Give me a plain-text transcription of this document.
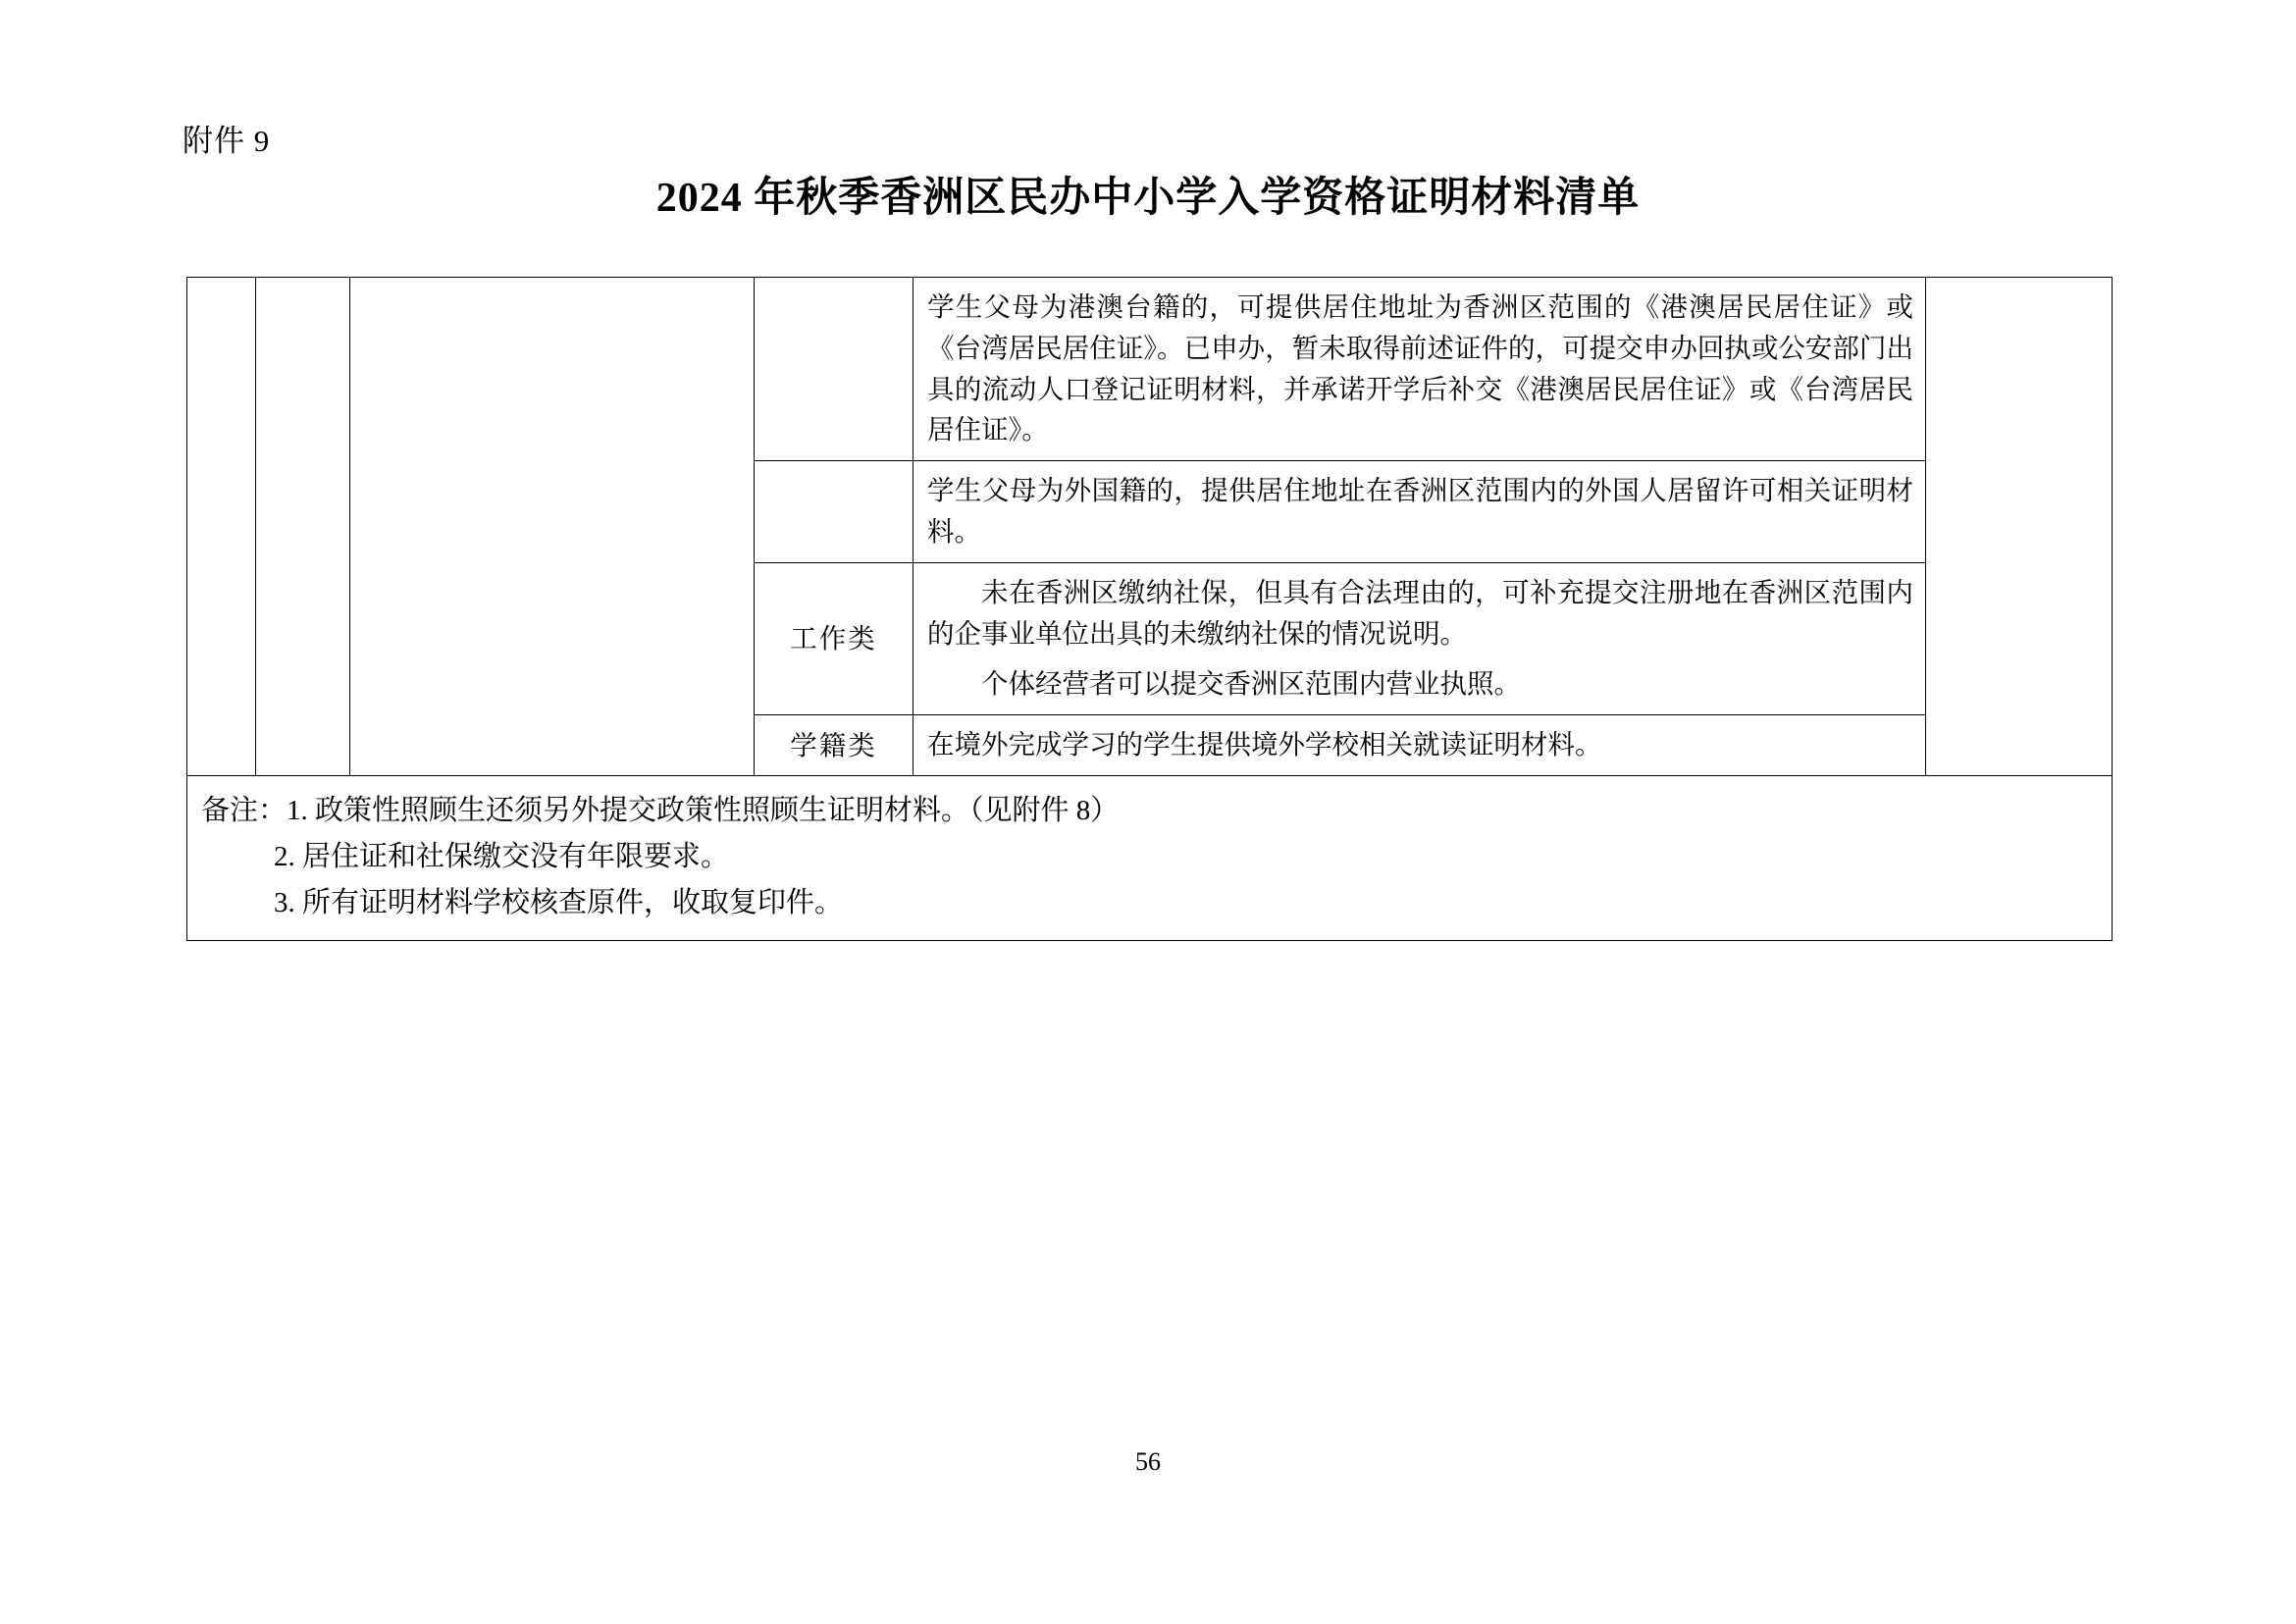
附件 9
2024 年秋季香洲区民办中小学入学资格证明材料清单

				学生父母为港澳台籍的，可提供居住地址为香洲区范围的《港澳居民居住证》或《台湾居民居住证》。已申办，暂未取得前述证件的，可提交申办回执或公安部门出具的流动人口登记证明材料，并承诺开学后补交《港澳居民居住证》或《台湾居民居住证》。	

				学生父母为外国籍的，提供居住地址在香洲区范围内的外国人居留许可相关证明材料。	

			工作类	未在香洲区缴纳社保，但具有合法理由的，可补充提交注册地在香洲区范围内的企事业单位出具的未缴纳社保的情况说明。
个体经营者可以提交香洲区范围内营业执照。	

			学籍类	在境外完成学习的学生提供境外学校相关就读证明材料。	

备注：1. 政策性照顾生还须另外提交政策性照顾生证明材料。（见附件 8）
2. 居住证和社保缴交没有年限要求。
3. 所有证明材料学校核查原件，收取复印件。					
56
